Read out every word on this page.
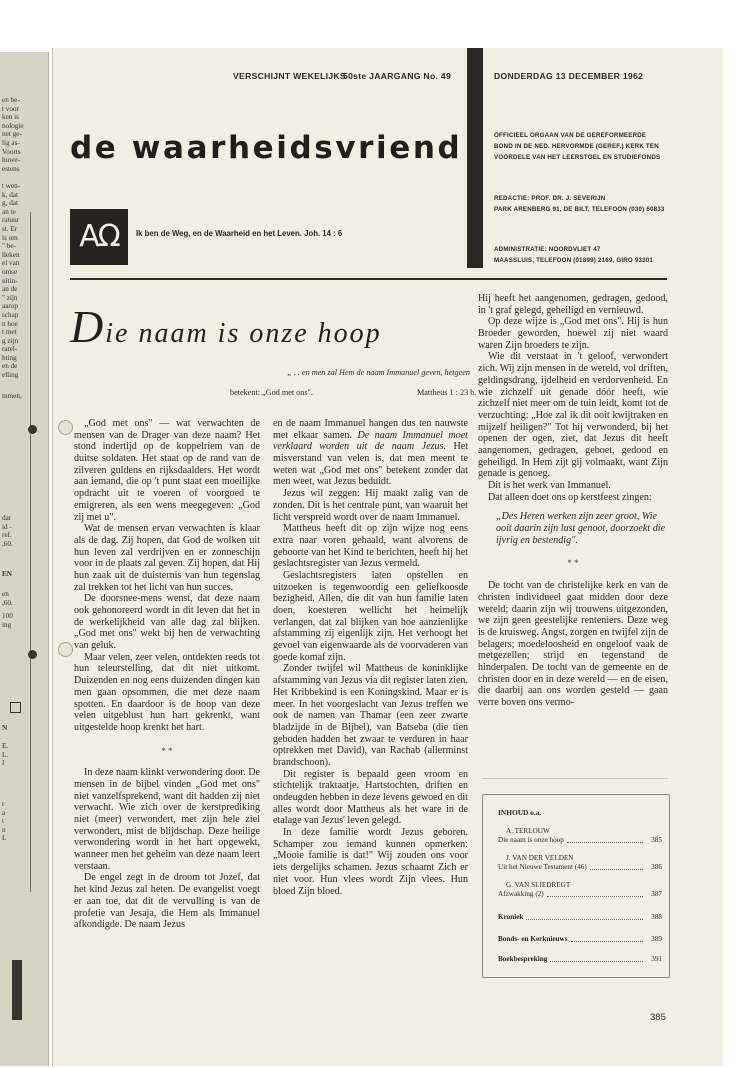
en be-
t voor
ken is
nologie
net ge-
lig as-
Voorts
huwe-
estens
t wen-
k, dat
g, dat
an te
ratuur
st. Er
is om
" be-
lleken
el van
omse
uitin-
an de
" zijn
aarop
schap
n hoe
t met
g zijn
ratel-
hting
en de
elling
mmen,
dat
id -
ref.
,60.
EN
en
,60.
100
ing
N
E.
L.
I
r
a
t
n
L
VERSCHIJNT WEKELIJKS
50ste JAARGANG No. 49	DONDERDAG 13 DECEMBER 1962
de waarheidsvriend
AΩ	Ik ben de Weg, en de Waarheid en het Leven. Joh. 14 : 6
OFFICIEEL ORGAAN VAN DE GEREFORMEERDE
BOND IN DE NED. HERVORMDE (GEREF.) KERK TEN
VOORDELE VAN HET LEERSTOEL EN STUDIEFONDS
REDACTIE: PROF. DR. J. SEVERIJN
PARK ARENBERG 91, DE BILT, TELEFOON (030) 60833
ADMINISTRATIE: NOORDVLIET 47
MAASSLUIS, TELEFOON (01899) 2169, GIRO 93301
Die naam is onze hoop
„ . . en men zal Hem de naam Immanuel geven, hetgeen
betekent: „God met ons".	Mattheus 1 : 23 b.

„God met ons" — wat verwachten de mensen van de Drager van deze naam? Het stond indertijd op de koppelriem van de duitse soldaten. Het staat op de rand van de zilveren guldens en rijksdaalders. Het wordt aan iemand, die op 't punt staat een moeilijke opdracht uit te voeren of voorgoed te emigreren, als een wens meegegeven: „God zij met u".

Wat de mensen ervan verwachten is klaar als de dag. Zij hopen, dat God de wolken uit hun leven zal verdrijven en er zonneschijn voor in de plaats zal geven. Zij hopen, dat Hij hun zaak uit de duisternis van hun tegenslag zal trekken tot het licht van hun succes.

De doorsnee-mens wenst, dat deze naam ook gehonoreerd wordt in dit leven dat het in de werkelijkheid van alle dag zal blijken. „God met ons" wekt bij hen de verwachting van geluk.

Maar velen, zeer velen, ontdekten reeds tot hun teleurstelling, dat dit niet uitkomt. Duizenden en nog eens duizenden dingen kan men gaan opsommen, die met deze naam spotten. En daardoor is de hoop van deze velen uitgeblust hun hart gekrenkt, want uitgestelde hoop krenkt het hart.

* *

In deze naam klinkt verwondering door. De mensen in de bijbel vinden „God met ons" niet vanzelfsprekend, want dit hadden zij niet verwacht. Wie zich over de kerstprediking niet (meer) verwondert, met zijn hele ziel verwondert, mist de blijdschap. Deze heilige verwondering wordt in het hart opgewekt, wanneer men het geheim van deze naam leert verstaan.

De engel zegt in de droom tot Jozef, dat het kind Jezus zal heten. De evangelist voegt er aan toe, dat dit de vervulling is van de profetie van Jesaja, die Hem als Immanuel afkondigde. De naam Jezus

en de naam Immanuel hangen dus ten nauwste met elkaar samen. De naam Immanuel moet verklaard worden uit de naam Jezus. Het misverstand van velen is, dat men meent te weten wat „God met ons" betekent zonder dat men weet, wat Jezus beduidt.

Jezus wil zeggen: Hij maakt zalig van de zonden. Dit is het centrale punt, van waaruit het licht verspreid wordt over de naam Immanuel.

Mattheus heeft dit op zijn wijze nog eens extra naar voren gehaald, want alvorens de geboorte van het Kind te berichten, heeft hij het geslachtsregister van Jezus vermeld.

Geslachtsregisters laten opstellen en uitzoeken is tegenwoordig een geliefkoosde bezigheid. Allen, die dit van hun familie laten doen, koesteren wellicht het heimelijk verlangen, dat zal blijken van hoe aanzienlijke afstamming zij eigenlijk zijn. Het verhoogt het gevoel van eigenwaarde als de voorvaderen van goede komaf zijn.

Zonder twijfel wil Mattheus de koninklijke afstamming van Jezus via dit register laten zien. Het Kribbekind is een Koningskind. Maar er is meer. In het voorgeslacht van Jezus treffen we ook de namen van Thamar (een zeer zwarte bladzijde in de Bijbel), van Batseba (die tien geboden hadden het zwaar te verduren in haar optrekken met David), van Rachab (allerminst brandschoon).

Dit register is bepaald geen vroom en stichtelijk traktaatje. Hartstochten, driften en ondeugden hebben in deze levens gewoed en dit alles wordt door Mattheus als het ware in de etalage van Jezus' leven gelegd.

In deze familie wordt Jezus geboren. Schamper zou iemand kunnen opmerken: „Mooie familie is dat!" Wij zouden ons voor iets dergelijks schamen. Jezus schaamt Zich er niet voor. Hun vlees wordt Zijn vlees. Hun bloed Zijn bloed.

Hij heeft het aangenomen, gedragen, gedood, in 't graf gelegd, geheiligd en vernieuwd.

Op deze wijze is „God met ons". Hij is hun Broeder geworden, hoewel zij niet waard waren Zijn broeders te zijn.

Wie dit verstaat in 't geloof, verwondert zich. Wij zijn mensen in de wereld, vol driften, geldingsdrang, ijdelheid en verdorvenheid. En wie zichzelf uit genade dóór heeft, wie zichzelf niet meer om de tuin leidt, komt tot de verzuchting: „Hoe zal ik dit ooit kwijtraken en mijzelf heiligen?" Tot hij verwonderd, bij het openen der ogen, ziet, dat Jezus dit heeft aangenomen, gedragen, geboet, gedood en geheiligd. In Hem zijt gij volmaakt, want Zijn genade is genoeg.

Dit is het werk van Immanuel.

Dat alleen doet ons op kerstfeest zingen:

„Des Heren werken zijn zeer groot, Wie ooit daarin zijn lust genoot, doorzoekt die ijvrig en bestendig".

* *

De tocht van de christelijke kerk en van de christen individueel gaat midden door deze wereld; daarin zijn wij trouwens uitgezonden, we zijn geen geestelijke renteniers. Deze weg is de kruisweg. Angst, zorgen en twijfel zijn de belagers; moedeloosheid en ongeloof vaak de metgezellen; strijd en tegenstand de hinderpalen. De tocht van de gemeente en de christen door en in deze wereld — en de eisen, die daarbij aan ons worden gesteld — gaan verre boven ons vermo-

INHOUD o.a.
A. TERLOUW
Die naam is onze hoop	385
J. VAN DER VELDEN
Uit het Nieuwe Testament (46)	386
G. VAN SLIEDREGT
Afzwakking (2)	387
Kroniek	388
Bonds- en Kerknieuws	389
Boekbespreking	391
385
